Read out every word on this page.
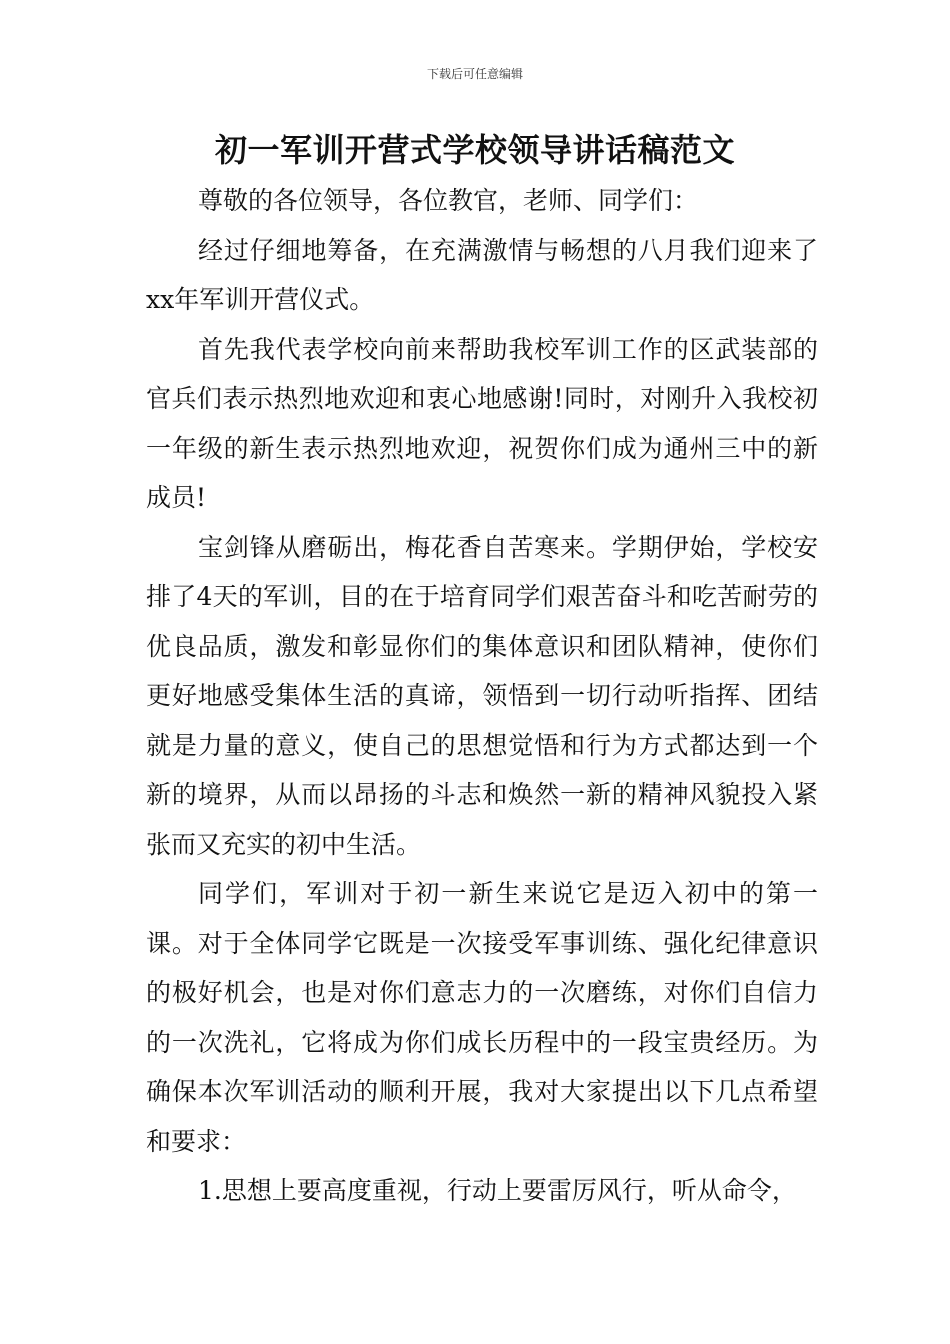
下载后可任意编辑
初一军训开营式学校领导讲话稿范文

尊敬的各位领导，各位教官，老师、同学们：

经过仔细地筹备，在充满激情与畅想的八月我们迎来了xx年军训开营仪式。

首先我代表学校向前来帮助我校军训工作的区武装部的官兵们表示热烈地欢迎和衷心地感谢!同时，对刚升入我校初一年级的新生表示热烈地欢迎，祝贺你们成为通州三中的新成员!

宝剑锋从磨砺出，梅花香自苦寒来。学期伊始，学校安排了4天的军训，目的在于培育同学们艰苦奋斗和吃苦耐劳的优良品质，激发和彰显你们的集体意识和团队精神，使你们更好地感受集体生活的真谛，领悟到一切行动听指挥、团结就是力量的意义，使自己的思想觉悟和行为方式都达到一个新的境界，从而以昂扬的斗志和焕然一新的精神风貌投入紧张而又充实的初中生活。

同学们，军训对于初一新生来说它是迈入初中的第一课。对于全体同学它既是一次接受军事训练、强化纪律意识的极好机会，也是对你们意志力的一次磨练，对你们自信力的一次洗礼，它将成为你们成长历程中的一段宝贵经历。为确保本次军训活动的顺利开展，我对大家提出以下几点希望和要求：

1.思想上要高度重视，行动上要雷厉风行，听从命令，
